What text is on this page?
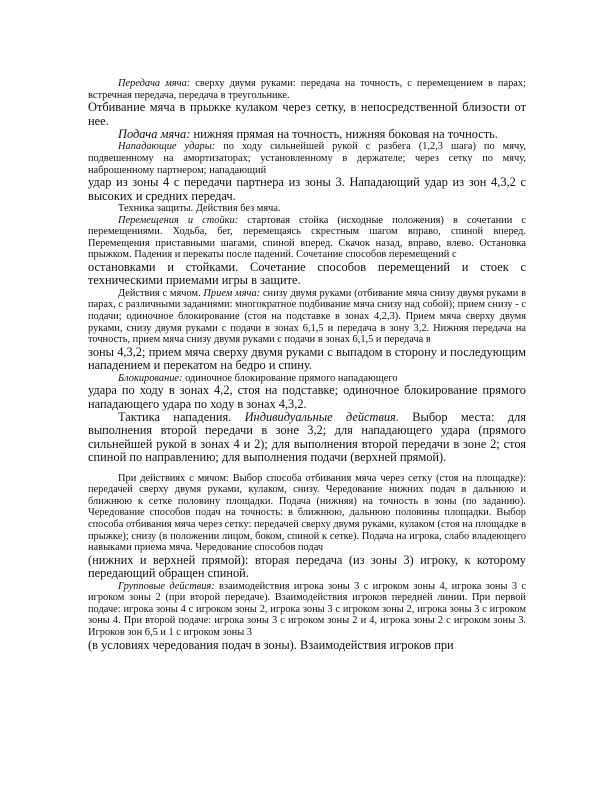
Передача мяча: сверху двумя руками: передача на точность, с перемещением в парах; встречная передача, передача в треугольнике.

Отбивание мяча в прыжке кулаком через сетку, в непосредственной близости от нее.

Подача мяча: нижняя прямая на точность, нижняя боковая на точность.

Нападающие удары: по ходу сильнейшей рукой с разбега (1,2,3 шага) по мячу, подвешенному на амортизаторах; установленному в держателе; через сетку по мячу, наброшенному партнером; нападающий

удар из зоны 4 с передачи партнера из зоны 3. Нападающий удар из зон 4,3,2 с высоких и средних передач.

Техника защиты. Действия без мяча.

Перемещения и стойки: стартовая стойка (исходные положения) в сочетании с перемещениями. Ходьба, бег, перемещаясь скрестным шагом вправо, спиной вперед. Перемещения приставными шагами, спиной вперед. Скачок назад, вправо, влево. Остановка прыжком. Падения и перекаты после падений. Сочетание способов перемещений с

остановками и стойками. Сочетание способов перемещений и стоек с техническими приемами игры в защите.

Действия с мячом. Прием мяча: снизу двумя руками (отбивание мяча снизу двумя руками в парах, с различными заданиями: многократное подбивание мяча снизу над собой); прием снизу - с подачи; одиночное блокирование (стоя на подставке в зонах 4,2,3). Прием мяча сверху двумя руками, снизу двумя руками с подачи в зонах 6,1,5 и передача в зону 3,2. Нижняя передача на точность, прием мяча снизу двумя руками с подачи в зонах 6,1,5 и передача в

зоны 4,3,2; прием мяча сверху двумя руками с выпадом в сторону и последующим нападением и перекатом на бедро и спину.

Блокирование: одиночное блокирование прямого нападающего

удара по ходу в зонах 4,2, стоя на подставке; одиночное блокирование прямого нападающего удара по ходу в зонах 4,3,2.

Тактика нападения. Индивидуальные действия. Выбор места: для выполнения второй передачи в зоне 3,2; для нападающего удара (прямого сильнейшей рукой в зонах 4 и 2); для выполнения второй передачи в зоне 2; стоя спиной по направлению; для выполнения подачи (верхней прямой).

При действиях с мячом: Выбор способа отбивания мяча через сетку (стоя на площадке): передачей сверху двумя руками, кулаком, снизу. Чередование нижних подач в дальнюю и ближнюю к сетке половину площадки. Подача (нижняя) на точность в зоны (по заданию). Чередование способов подач на точность: в ближнюю, дальнюю половины площадки. Выбор способа отбивания мяча через сетку: передачей сверху двумя руками, кулаком (стоя на площадке в прыжке); снизу (в положении лицом, боком, спиной к сетке). Подача на игрока, слабо владеющего навыками приема мяча. Чередование способов подач

(нижних и верхней прямой): вторая передача (из зоны 3) игроку, к которому передающий обращен спиной.

Групповые действия: взаимодействия игрока зоны 3 с игроком зоны 4, игрока зоны 3 с игроком зоны 2 (при второй передаче). Взаимодействия игроков передней линии. При первой подаче: игрока зоны 4 с игроком зоны 2, игрока зоны 3 с игроком зоны 2, игрока зоны 3 с игроком зоны 4. При второй подаче: игрока зоны 3 с игроком зоны 2 и 4, игрока зоны 2 с игроком зоны 3. Игроков зон 6,5 и 1 с игроком зоны 3

(в условиях чередования подач в зоны). Взаимодействия игроков при
